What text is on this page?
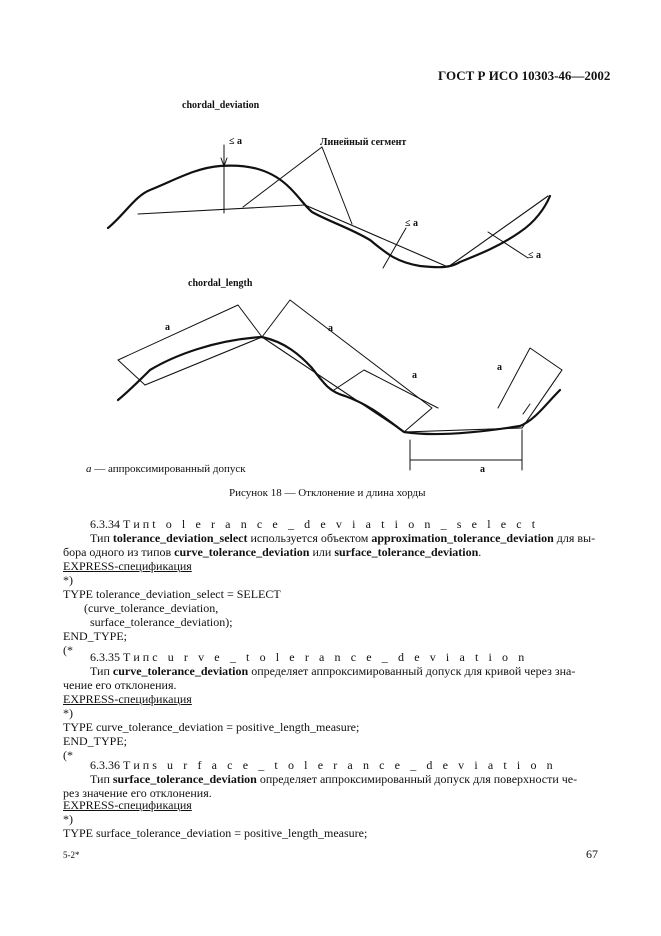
ГОСТ Р ИСО 10303-46—2002
chordal_deviation
Линейный сегмент
≤ a
≤ a
≤ a
chordal_length
a	a
a
a
a
a — аппроксимированный допуск
Рисунок 18 — Отклонение и длина хорды
6.3.34 Т и п t o l e r a n c e _ d e v i a t i o n _ s e l e c t
Тип tolerance_deviation_select используется объектом approximation_tolerance_deviation для вы-бора одного из типов curve_tolerance_deviation или surface_tolerance_deviation.
EXPRESS-спецификация
*)
TYPE tolerance_deviation_select = SELECT
(curve_tolerance_deviation,
surface_tolerance_deviation);
END_TYPE;
(* 6.3.35 Т и п c u r v e _ t o l e r a n c e _ d e v i a t i o n
Тип curve_tolerance_deviation определяет аппроксимированный допуск для кривой через зна-
чение его отклонения.
EXPRESS-спецификация
*)
TYPE curve_tolerance_deviation = positive_length_measure;
END_TYPE;
(*
6.3.36 Т и п s u r f a c e _ t o l e r a n c e _ d e v i a t i o n
Тип surface_tolerance_deviation определяет аппроксимированный допуск для поверхности че-
рез значение его отклонения.
EXPRESS-спецификация
*)
TYPE surface_tolerance_deviation = positive_length_measure;
5-2*	67
